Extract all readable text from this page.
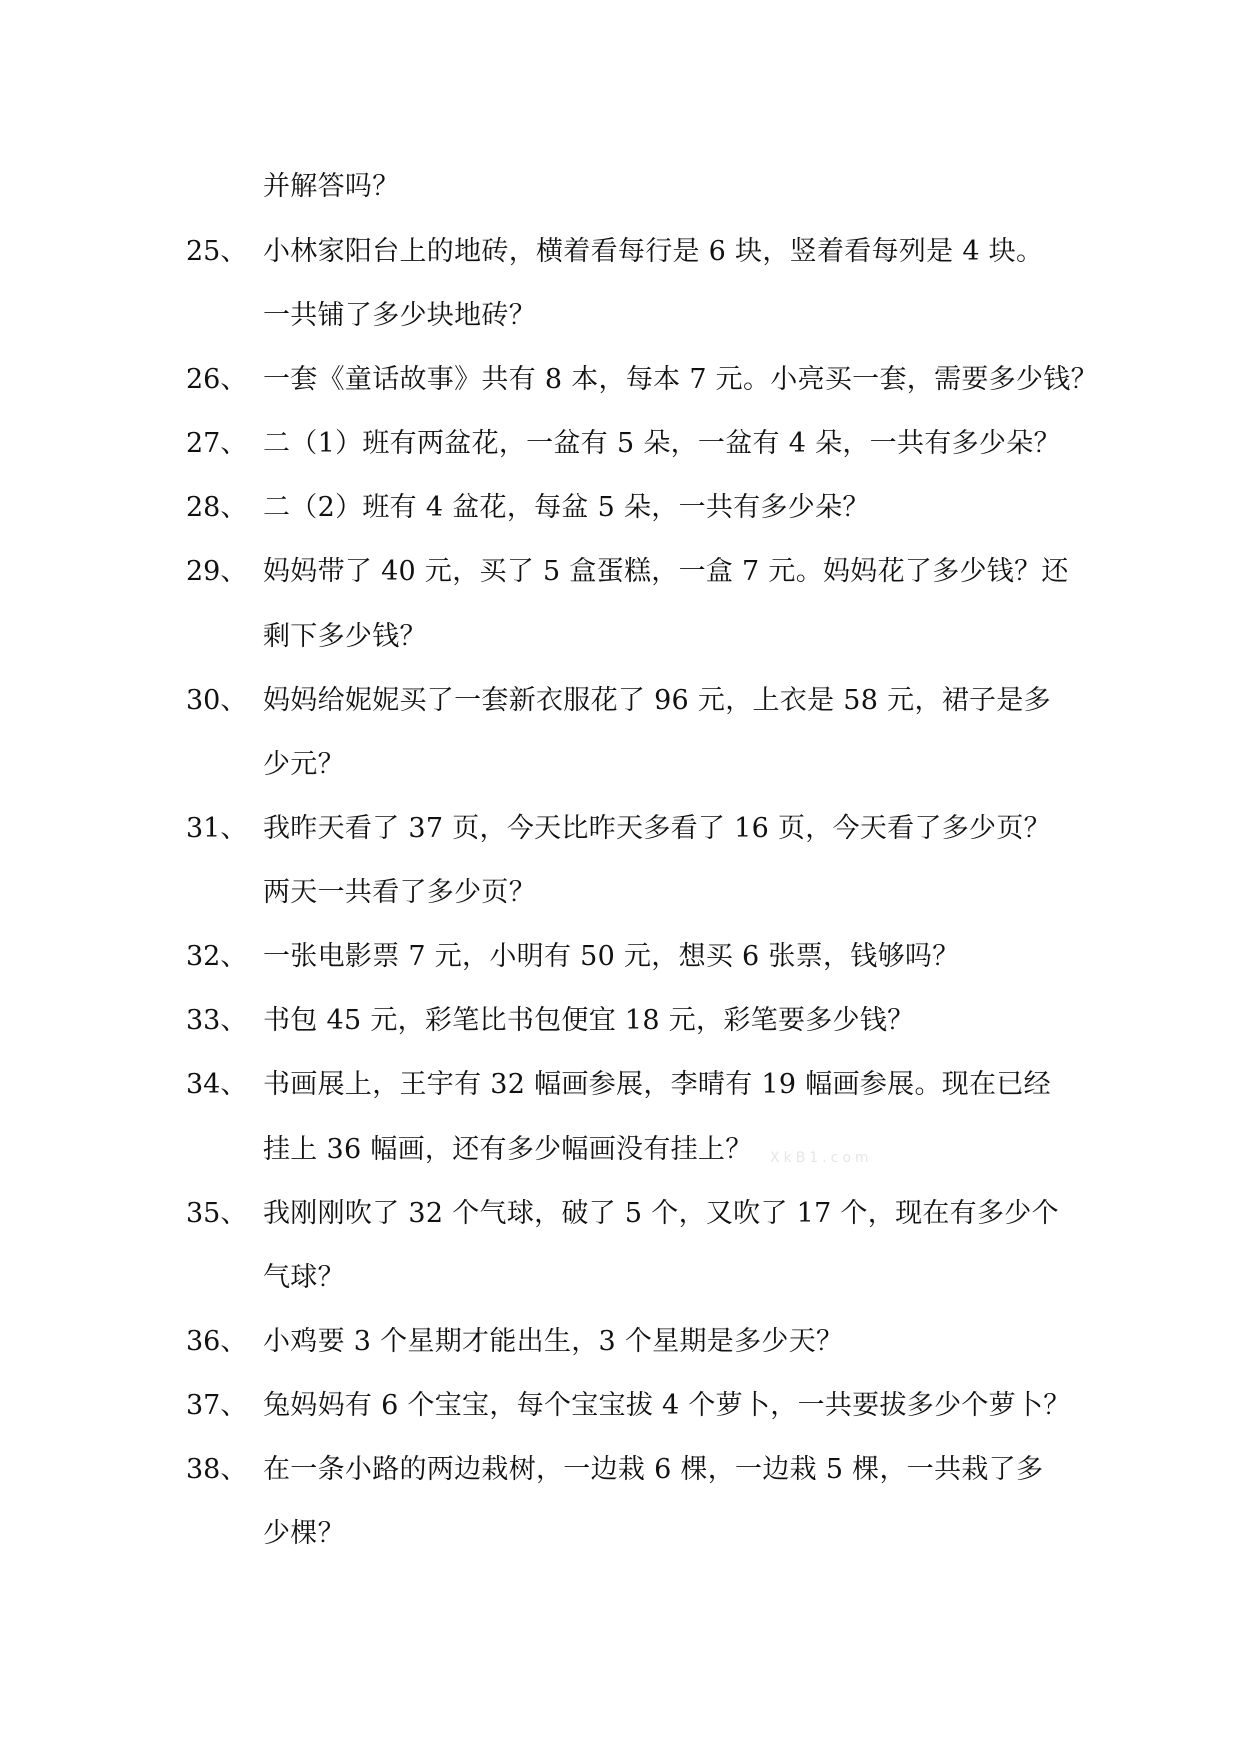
并解答吗？
25、 小林家阳台上的地砖，横着看每行是 6 块，竖着看每列是 4 块。
一共铺了多少块地砖？
26、 一套《童话故事》共有 8 本，每本 7 元。小亮买一套，需要多少钱？
27、 二（1）班有两盆花，一盆有 5 朵，一盆有 4 朵，一共有多少朵？
28、 二（2）班有 4 盆花，每盆 5 朵，一共有多少朵？
29、 妈妈带了 40 元，买了 5 盒蛋糕，一盒 7 元。妈妈花了多少钱？还
剩下多少钱？
30、 妈妈给妮妮买了一套新衣服花了 96 元，上衣是 58 元，裙子是多
少元？
31、 我昨天看了 37 页，今天比昨天多看了 16 页，今天看了多少页？
两天一共看了多少页？
32、 一张电影票 7 元，小明有 50 元，想买 6 张票，钱够吗？
33、 书包 45 元，彩笔比书包便宜 18 元，彩笔要多少钱？
34、 书画展上，王宇有 32 幅画参展，李晴有 19 幅画参展。现在已经
挂上 36 幅画，还有多少幅画没有挂上？
35、 我刚刚吹了 32 个气球，破了 5 个，又吹了 17 个，现在有多少个
气球？
36、 小鸡要 3 个星期才能出生，3 个星期是多少天？
37、 兔妈妈有 6 个宝宝，每个宝宝拔 4 个萝卜，一共要拔多少个萝卜？
38、 在一条小路的两边栽树，一边栽 6 棵，一边栽 5 棵，一共栽了多
少棵？
XkB1.com
